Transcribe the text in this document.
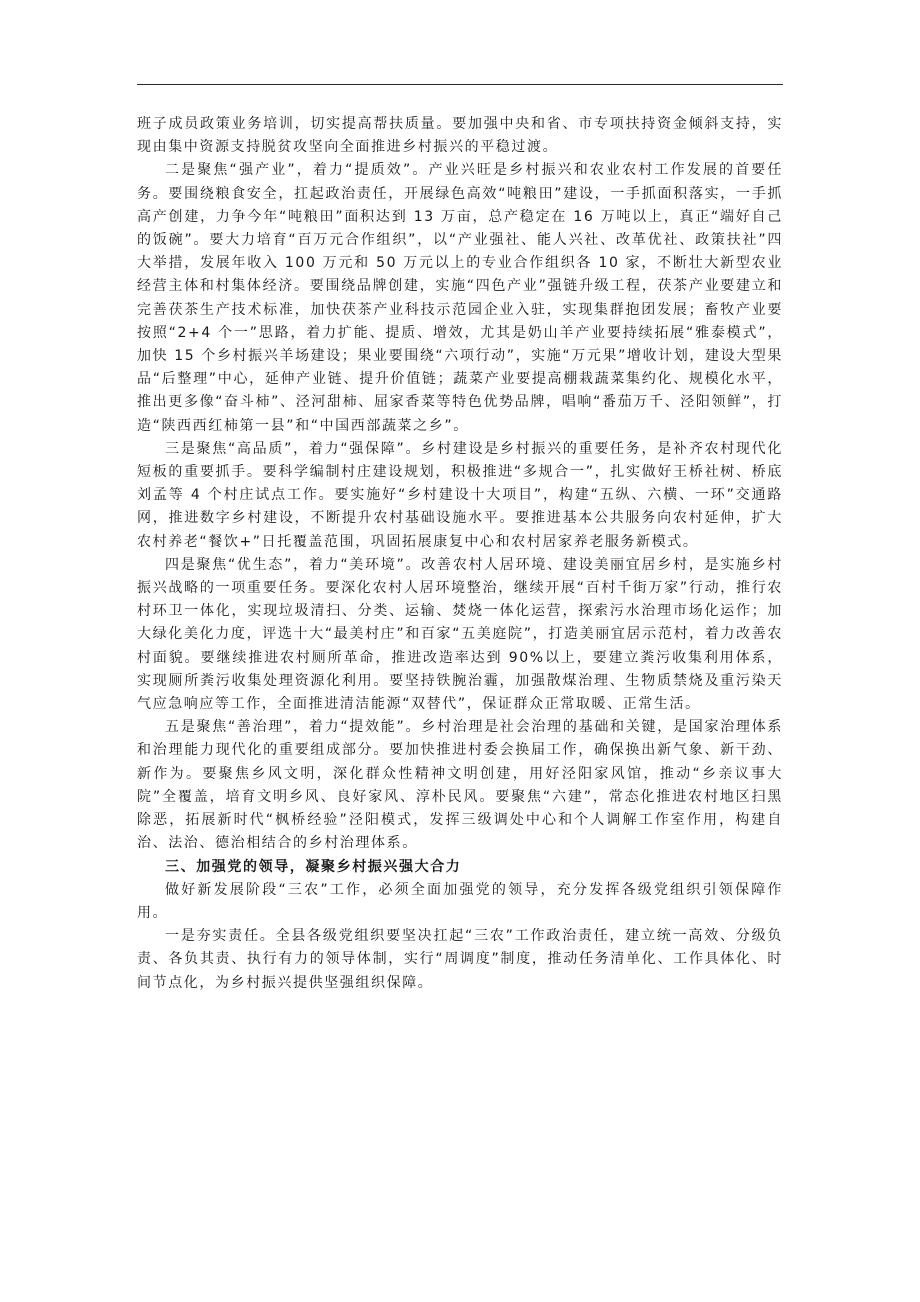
班子成员政策业务培训，切实提高帮扶质量。要加强中央和省、市专项扶持资金倾斜支持，实现由集中资源支持脱贫攻坚向全面推进乡村振兴的平稳过渡。

二是聚焦“强产业”，着力“提质效”。产业兴旺是乡村振兴和农业农村工作发展的首要任务。要围绕粮食安全，扛起政治责任，开展绿色高效“吨粮田”建设，一手抓面积落实，一手抓高产创建，力争今年“吨粮田”面积达到 13 万亩，总产稳定在 16 万吨以上，真正“端好自己的饭碗”。要大力培育“百万元合作组织”，以“产业强社、能人兴社、改革优社、政策扶社”四大举措，发展年收入 100 万元和 50 万元以上的专业合作组织各 10 家，不断壮大新型农业经营主体和村集体经济。要围绕品牌创建，实施“四色产业”强链升级工程，茯茶产业要建立和完善茯茶生产技术标准，加快茯茶产业科技示范园企业入驻，实现集群抱团发展；畜牧产业要按照“2+4 个一”思路，着力扩能、提质、增效，尤其是奶山羊产业要持续拓展“雅泰模式”，加快 15 个乡村振兴羊场建设；果业要围绕“六项行动”，实施“万元果”增收计划，建设大型果品“后整理”中心，延伸产业链、提升价值链；蔬菜产业要提高棚栽蔬菜集约化、规模化水平，推出更多像“奋斗柿”、泾河甜柿、屈家香菜等特色优势品牌，唱响“番茄万千、泾阳领鲜”，打造“陕西西红柿第一县”和“中国西部蔬菜之乡”。

三是聚焦“高品质”，着力“强保障”。乡村建设是乡村振兴的重要任务，是补齐农村现代化短板的重要抓手。要科学编制村庄建设规划，积极推进“多规合一”，扎实做好王桥社树、桥底刘孟等 4 个村庄试点工作。要实施好“乡村建设十大项目”，构建“五纵、六横、一环”交通路网，推进数字乡村建设，不断提升农村基础设施水平。要推进基本公共服务向农村延伸，扩大农村养老“餐饮+”日托覆盖范围，巩固拓展康复中心和农村居家养老服务新模式。

四是聚焦“优生态”，着力“美环境”。改善农村人居环境、建设美丽宜居乡村，是实施乡村振兴战略的一项重要任务。要深化农村人居环境整治，继续开展“百村千街万家”行动，推行农村环卫一体化，实现垃圾清扫、分类、运输、焚烧一体化运营，探索污水治理市场化运作；加大绿化美化力度，评选十大“最美村庄”和百家“五美庭院”，打造美丽宜居示范村，着力改善农村面貌。要继续推进农村厕所革命，推进改造率达到 90%以上，要建立粪污收集利用体系，实现厕所粪污收集处理资源化利用。要坚持铁腕治霾，加强散煤治理、生物质禁烧及重污染天气应急响应等工作，全面推进清洁能源“双替代”，保证群众正常取暖、正常生活。

五是聚焦“善治理”，着力“提效能”。乡村治理是社会治理的基础和关键，是国家治理体系和治理能力现代化的重要组成部分。要加快推进村委会换届工作，确保换出新气象、新干劲、新作为。要聚焦乡风文明，深化群众性精神文明创建，用好泾阳家风馆，推动“乡亲议事大院”全覆盖，培育文明乡风、良好家风、淳朴民风。要聚焦“六建”，常态化推进农村地区扫黑除恶，拓展新时代“枫桥经验”泾阳模式，发挥三级调处中心和个人调解工作室作用，构建自治、法治、德治相结合的乡村治理体系。

三、加强党的领导，凝聚乡村振兴强大合力

做好新发展阶段“三农”工作，必须全面加强党的领导，充分发挥各级党组织引领保障作用。

一是夯实责任。全县各级党组织要坚决扛起“三农”工作政治责任，建立统一高效、分级负责、各负其责、执行有力的领导体制，实行“周调度”制度，推动任务清单化、工作具体化、时间节点化，为乡村振兴提供坚强组织保障。
